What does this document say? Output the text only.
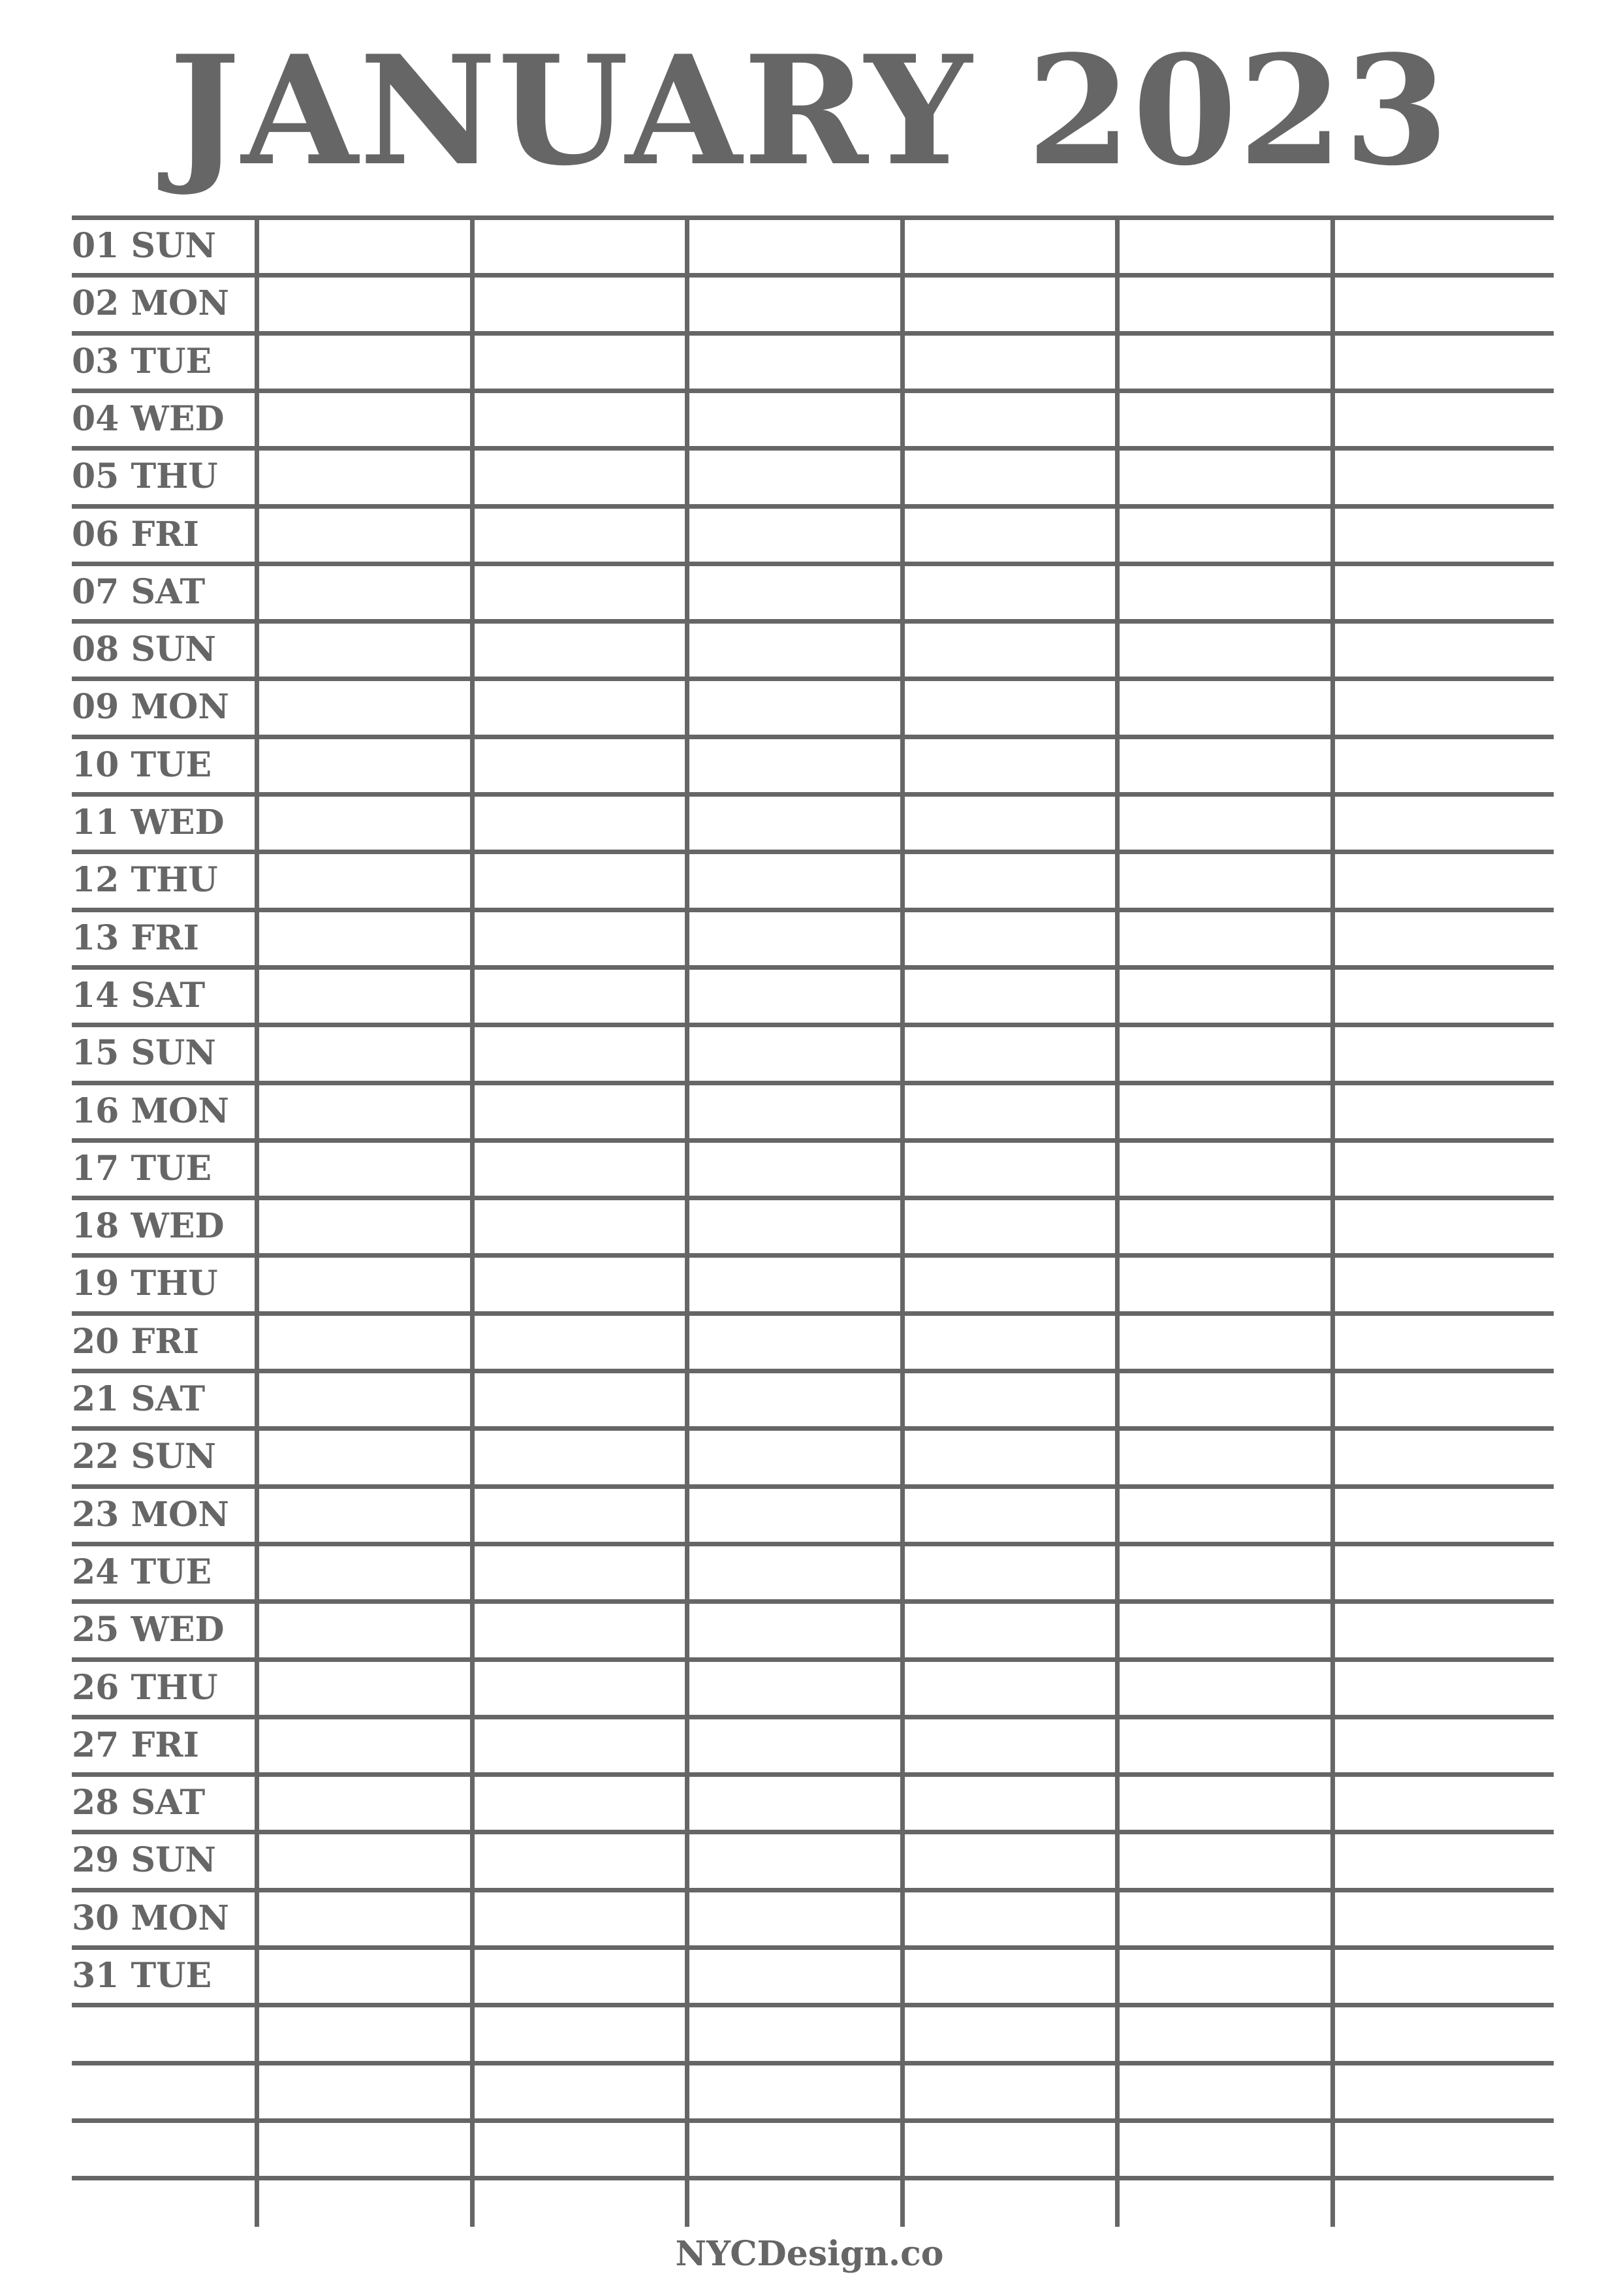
JANUARY 2023
01 SUN
02 MON
03 TUE
04 WED
05 THU
06 FRI
07 SAT
08 SUN
09 MON
10 TUE
11 WED
12 THU
13 FRI
14 SAT
15 SUN
16 MON
17 TUE
18 WED
19 THU
20 FRI
21 SAT
22 SUN
23 MON
24 TUE
25 WED
26 THU
27 FRI
28 SAT
29 SUN
30 MON
31 TUE
NYCDesign.co
